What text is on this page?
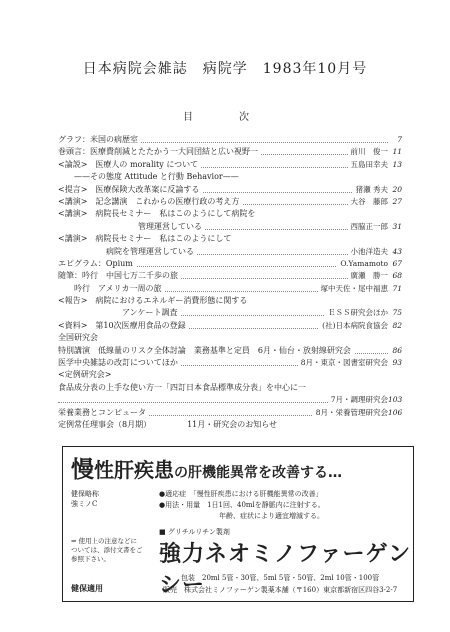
日本病院会雑誌　病院学　1983年10月号
目　次
グラフ：米国の病歴室	7
巻頭言：医療費削減とたたかう一大同団結と広い視野一	前川　俊一 11
<論説>　医療人の morality について	五島田幸夫 13
　　——その態度 Attitude と行動 Behavior——
<提言>　医療保険大改革案に反論する	猪瀬 秀夫 20
<講演>　記念講演　これからの医療行政の考え方	大谷　藤郎 27
<講演>　病院長セミナー　私はこのようにして病院を
　　　　　　　　　　管理運営している	西脇正一郎 31
<講演>　病院長セミナー　私はこのようにして
　　　　　　病院を管理運営している	小池洋造夫 43
エピグラム：Opium	O.Yamamoto 67
随筆：吟行　中国七万二千歩の旅	廣瀬　勝一 68
　　吟行　アメリカ一周の旅	塚中天佐・尾中福恵 71
<報告>　病院におけるエネルギー消費形態に関する
　　　　　　　　アンケート調査	ＥＳＳ研究会ほか 75
<資料>　第10次医療用食品の登録	(社)日本病院食協会 82
全国研究会
特別講演　低線量のリスク全体討論　業務基準と定員　6月・仙台・放射線研究会	86
医学中央雑誌の改訂についてほか	8月・東京・図書室研究会 93
<定例研究会>
食品成分表の上手な使い方一「四訂日本食品標準成分表」を中心に一
7月・調理研究会 103
栄養業務とコンピュータ	8月・栄養管理研究会 106
定例常任理事会（8月期）　　　　　11月・研究会のお知らせ
慢性肝疾患の肝機能異常を改善する…
健保略称
強ミノC
●適応症　「慢性肝疾患における肝機能異常の改善」
●用法・用量　1日1回、40mlを静脈内に注射する。
年齢、症状により適宜増減する。
■ グリチルリチン製剤
強力ネオミノファーゲンシー
⇒ 使用上の注意などについては、添付文書をご参照下さい。
包装　20ml 5管・30管、5ml 5管・50管、2ml 10管・100管
健保適用	販売　株式会社ミノファーゲン製薬本舗（〒160）東京都新宿区四谷3-2-7
